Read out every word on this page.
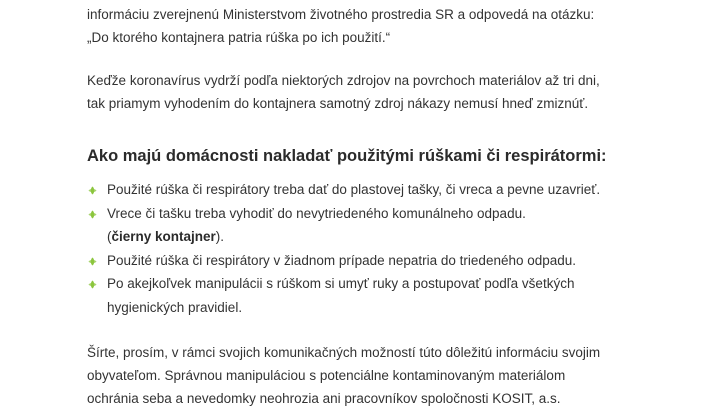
informáciu zverejnenú Ministerstvom životného prostredia SR a odpovedá na otázku:
„Do ktorého kontajnera patria rúška po ich použití.“

Keďže koronavírus vydrží podľa niektorých zdrojov na povrchoch materiálov až tri dni,
tak priamym vyhodením do kontajnera samotný zdroj nákazy nemusí hneď zmiznúť.

Ako majú domácnosti nakladať použitými rúškami či respirátormi:
Použité rúška či respirátory treba dať do plastovej tašky, či vreca a pevne uzavrieť.
Vrece či tašku treba vyhodiť do nevytriedeného komunálneho odpadu.
(čierny kontajner).
Použité rúška či respirátory v žiadnom prípade nepatria do triedeného odpadu.
Po akejkoľvek manipulácii s rúškom si umyť ruky a postupovať podľa všetkých
hygienických pravidiel.

Šírte, prosím, v rámci svojich komunikačných možností túto dôležitú informáciu svojim
obyvateľom. Správnou manipuláciou s potenciálne kontaminovaným materiálom
ochránia seba a nevedomky neohrozia ani pracovníkov spoločnosti KOSIT, a.s.
